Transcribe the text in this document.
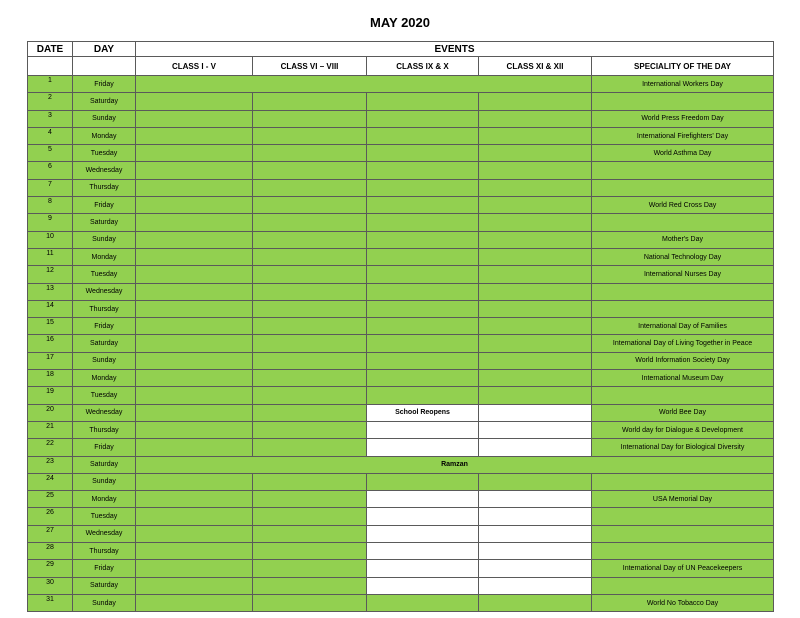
MAY 2020
DATE	DAY	EVENTS				
		CLASS I - V	CLASS VI – VIII	CLASS IX & X	CLASS XI & XII	SPECIALITY OF THE DAY
1	Friday					International Workers Day
2	Saturday					
3	Sunday					World Press Freedom Day
4	Monday					International Firefighters' Day
5	Tuesday					World Asthma Day
6	Wednesday					
7	Thursday					
8	Friday					World Red Cross Day
9	Saturday					
10	Sunday					Mother's Day
11	Monday					National Technology Day
12	Tuesday					International Nurses Day
13	Wednesday					
14	Thursday					
15	Friday					International Day of Families
16	Saturday					International Day of Living Together in Peace
17	Sunday					World Information Society Day
18	Monday					International Museum Day
19	Tuesday					
20	Wednesday			School Reopens		World Bee Day
21	Thursday					World day for Dialogue & Development
22	Friday					International Day for Biological Diversity
23	Saturday	Ramzan				
24	Sunday					
25	Monday					USA Memorial Day
26	Tuesday					
27	Wednesday					
28	Thursday					
29	Friday					International Day of UN Peacekeepers
30	Saturday					
31	Sunday					World No Tobacco Day
